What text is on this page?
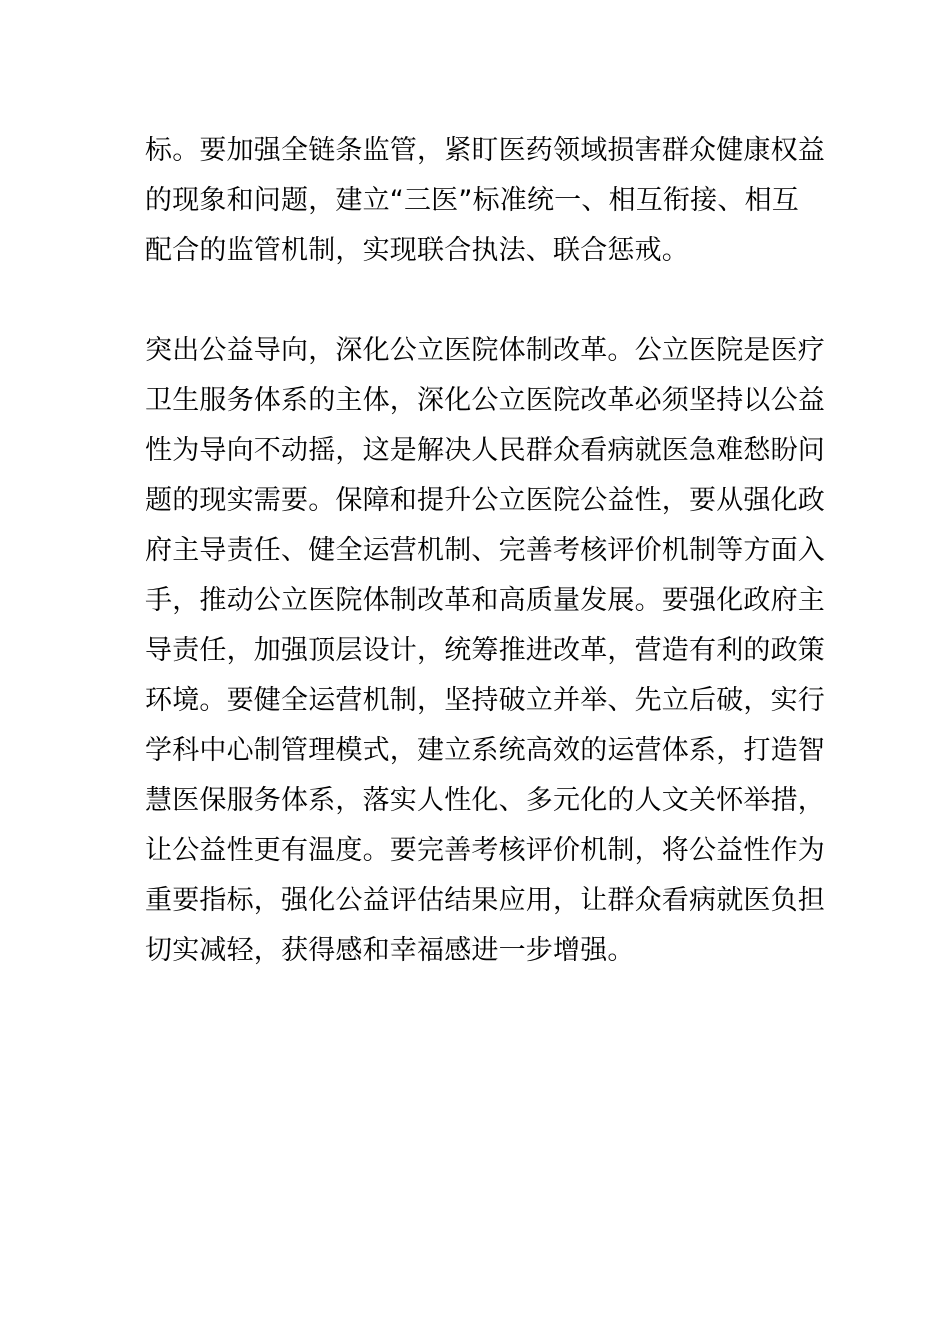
标。要加强全链条监管，紧盯医药领域损害群众健康权益
的现象和问题，建立“三医”标准统一、相互衔接、相互
配合的监管机制，实现联合执法、联合惩戒。
突出公益导向，深化公立医院体制改革。公立医院是医疗
卫生服务体系的主体，深化公立医院改革必须坚持以公益
性为导向不动摇，这是解决人民群众看病就医急难愁盼问
题的现实需要。保障和提升公立医院公益性，要从强化政
府主导责任、健全运营机制、完善考核评价机制等方面入
手，推动公立医院体制改革和高质量发展。要强化政府主
导责任，加强顶层设计，统筹推进改革，营造有利的政策
环境。要健全运营机制，坚持破立并举、先立后破，实行
学科中心制管理模式，建立系统高效的运营体系，打造智
慧医保服务体系，落实人性化、多元化的人文关怀举措，
让公益性更有温度。要完善考核评价机制，将公益性作为
重要指标，强化公益评估结果应用，让群众看病就医负担
切实减轻，获得感和幸福感进一步增强。
